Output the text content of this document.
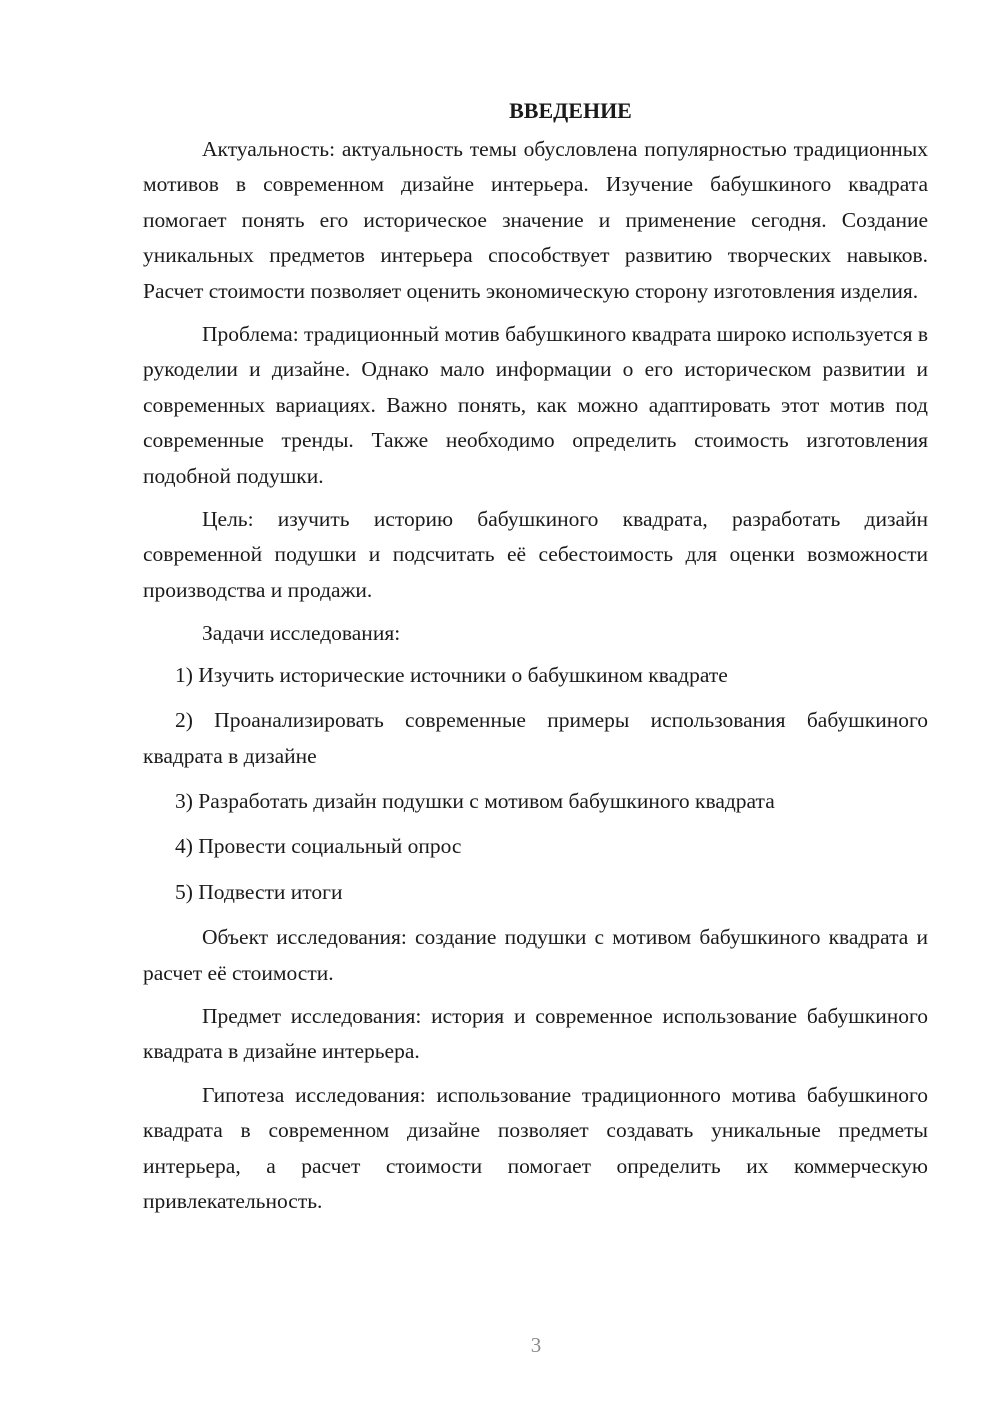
ВВЕДЕНИЕ

Актуальность: актуальность темы обусловлена популярностью традиционных мотивов в современном дизайне интерьера. Изучение бабушкиного квадрата помогает понять его историческое значение и применение сегодня. Создание уникальных предметов интерьера способствует развитию творческих навыков. Расчет стоимости позволяет оценить экономическую сторону изготовления изделия.

Проблема: традиционный мотив бабушкиного квадрата широко используется в рукоделии и дизайне. Однако мало информации о его историческом развитии и современных вариациях. Важно понять, как можно адаптировать этот мотив под современные тренды. Также необходимо определить стоимость изготовления подобной подушки.

Цель: изучить историю бабушкиного квадрата, разработать дизайн современной подушки и подсчитать её себестоимость для оценки возможности производства и продажи.

Задачи исследования:

1) Изучить исторические источники о бабушкином квадрате

2) Проанализировать современные примеры использования бабушкиного квадрата в дизайне

3) Разработать дизайн подушки с мотивом бабушкиного квадрата

4) Провести социальный опрос

5) Подвести итоги

Объект исследования: создание подушки с мотивом бабушкиного квадрата и расчет её стоимости.

Предмет исследования: история и современное использование бабушкиного квадрата в дизайне интерьера.

Гипотеза исследования: использование традиционного мотива бабушкиного квадрата в современном дизайне позволяет создавать уникальные предметы интерьера, а расчет стоимости помогает определить их коммерческую привлекательность.

3
